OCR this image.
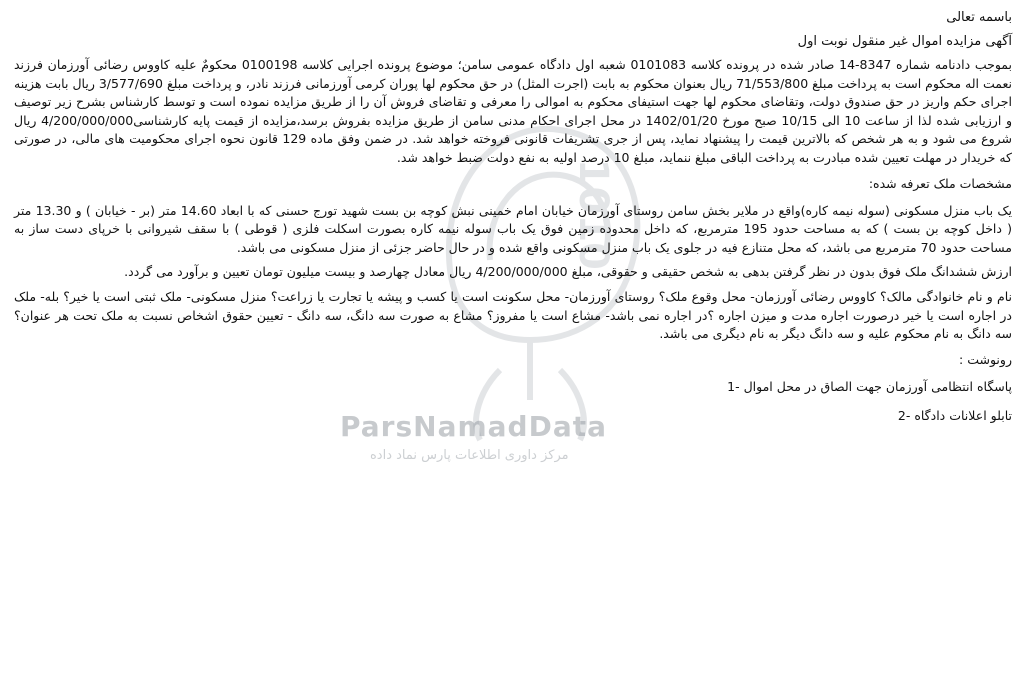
1010
ParsNamadData
مرکز داوری اطلاعات پارس نماد داده

باسمه تعالی

آگهی مزایده اموال غیر منقول نوبت اول

بموجب دادنامه شماره 8347-14 صادر شده در پرونده کلاسه 0101083 شعبه اول دادگاه عمومی سامن؛ موضوع پرونده اجرایی کلاسه 0100198 محکومٌ علیه کاووس رضائی آورزمان فرزند نعمت اله محکوم است به پرداخت مبلغ 71/553/800 ریال بعنوان محکوم به بابت (اجرت المثل) در حق محکوم لها پوران کرمی آورزمانی فرزند نادر، و پرداخت مبلغ 3/577/690 ریال بابت هزینه اجرای حکم واریز در حق صندوق دولت، وتقاضای محکوم لها جهت استیفای محکوم به اموالی را معرفی و تقاضای فروش آن را از طریق مزایده نموده است و توسط کارشناس بشرح زیر توصیف و ارزیابی شده لذا از ساعت 10 الی 10/15 صبح مورخ 1402/01/20 در محل اجرای احکام مدنی سامن از طریق مزایده بفروش برسد،مزایده از قیمت پایه کارشناسی4/200/000/000 ریال شروع می شود و به هر شخص که بالاترین قیمت را پیشنهاد نماید، پس از جری تشریفات قانونی فروخته خواهد شد. در ضمن وفق ماده 129 قانون نحوه اجرای محکومیت های مالی، در صورتی که خریدار در مهلت تعیین شده مبادرت به پرداخت الباقی مبلغ ننماید، مبلغ 10 درصد اولیه به نفع دولت ضبط خواهد شد.

مشخصات ملک تعرفه شده:

یک باب منزل مسکونی (سوله نیمه کاره)واقع در ملایر بخش سامن روستای آورزمان خیابان امام خمینی نبش کوچه بن بست شهید تورج حسنی که با ابعاد 14.60 متر (بر - خیابان ) و 13.30 متر ( داخل کوچه بن بست ) که به مساحت حدود 195 مترمربع، که داخل محدوده زمین فوق یک باب سوله نیمه کاره بصورت اسکلت فلزی ( قوطی ) با سقف شیروانی با خرپای دست ساز به مساحت حدود 70 مترمربع می باشد، که محل متنازع فیه در جلوی یک باب منزل مسکونی واقع شده و در حال حاضر جزئی از منزل مسکونی می باشد.

ارزش ششدانگ ملک فوق بدون در نظر گرفتن بدهی به شخص حقیقی و حقوقی، مبلغ 4/200/000/000 ریال معادل چهارصد و بیست میلیون تومان تعیین و برآورد می گردد.

نام و نام خانوادگی مالک؟ کاووس رضائی آورزمان- محل وقوع ملک؟ روستای آورزمان- محل سکونت است یا کسب و پیشه یا تجارت یا زراعت؟ منزل مسکونی- ملک ثبتی است یا خیر؟ بله- ملک در اجاره است یا خیر درصورت اجاره مدت و میزن اجاره ؟در اجاره نمی باشد- مشاع است یا مفروز؟ مشاع به صورت سه دانگ، سه دانگ - تعیین حقوق اشخاص نسبت به ملک تحت هر عنوان؟ سه دانگ به نام محکوم علیه و سه دانگ دیگر به نام دیگری می باشد.

رونوشت :

پاسگاه انتظامی آورزمان جهت الصاق در محل اموال -1

تابلو اعلانات دادگاه -2
